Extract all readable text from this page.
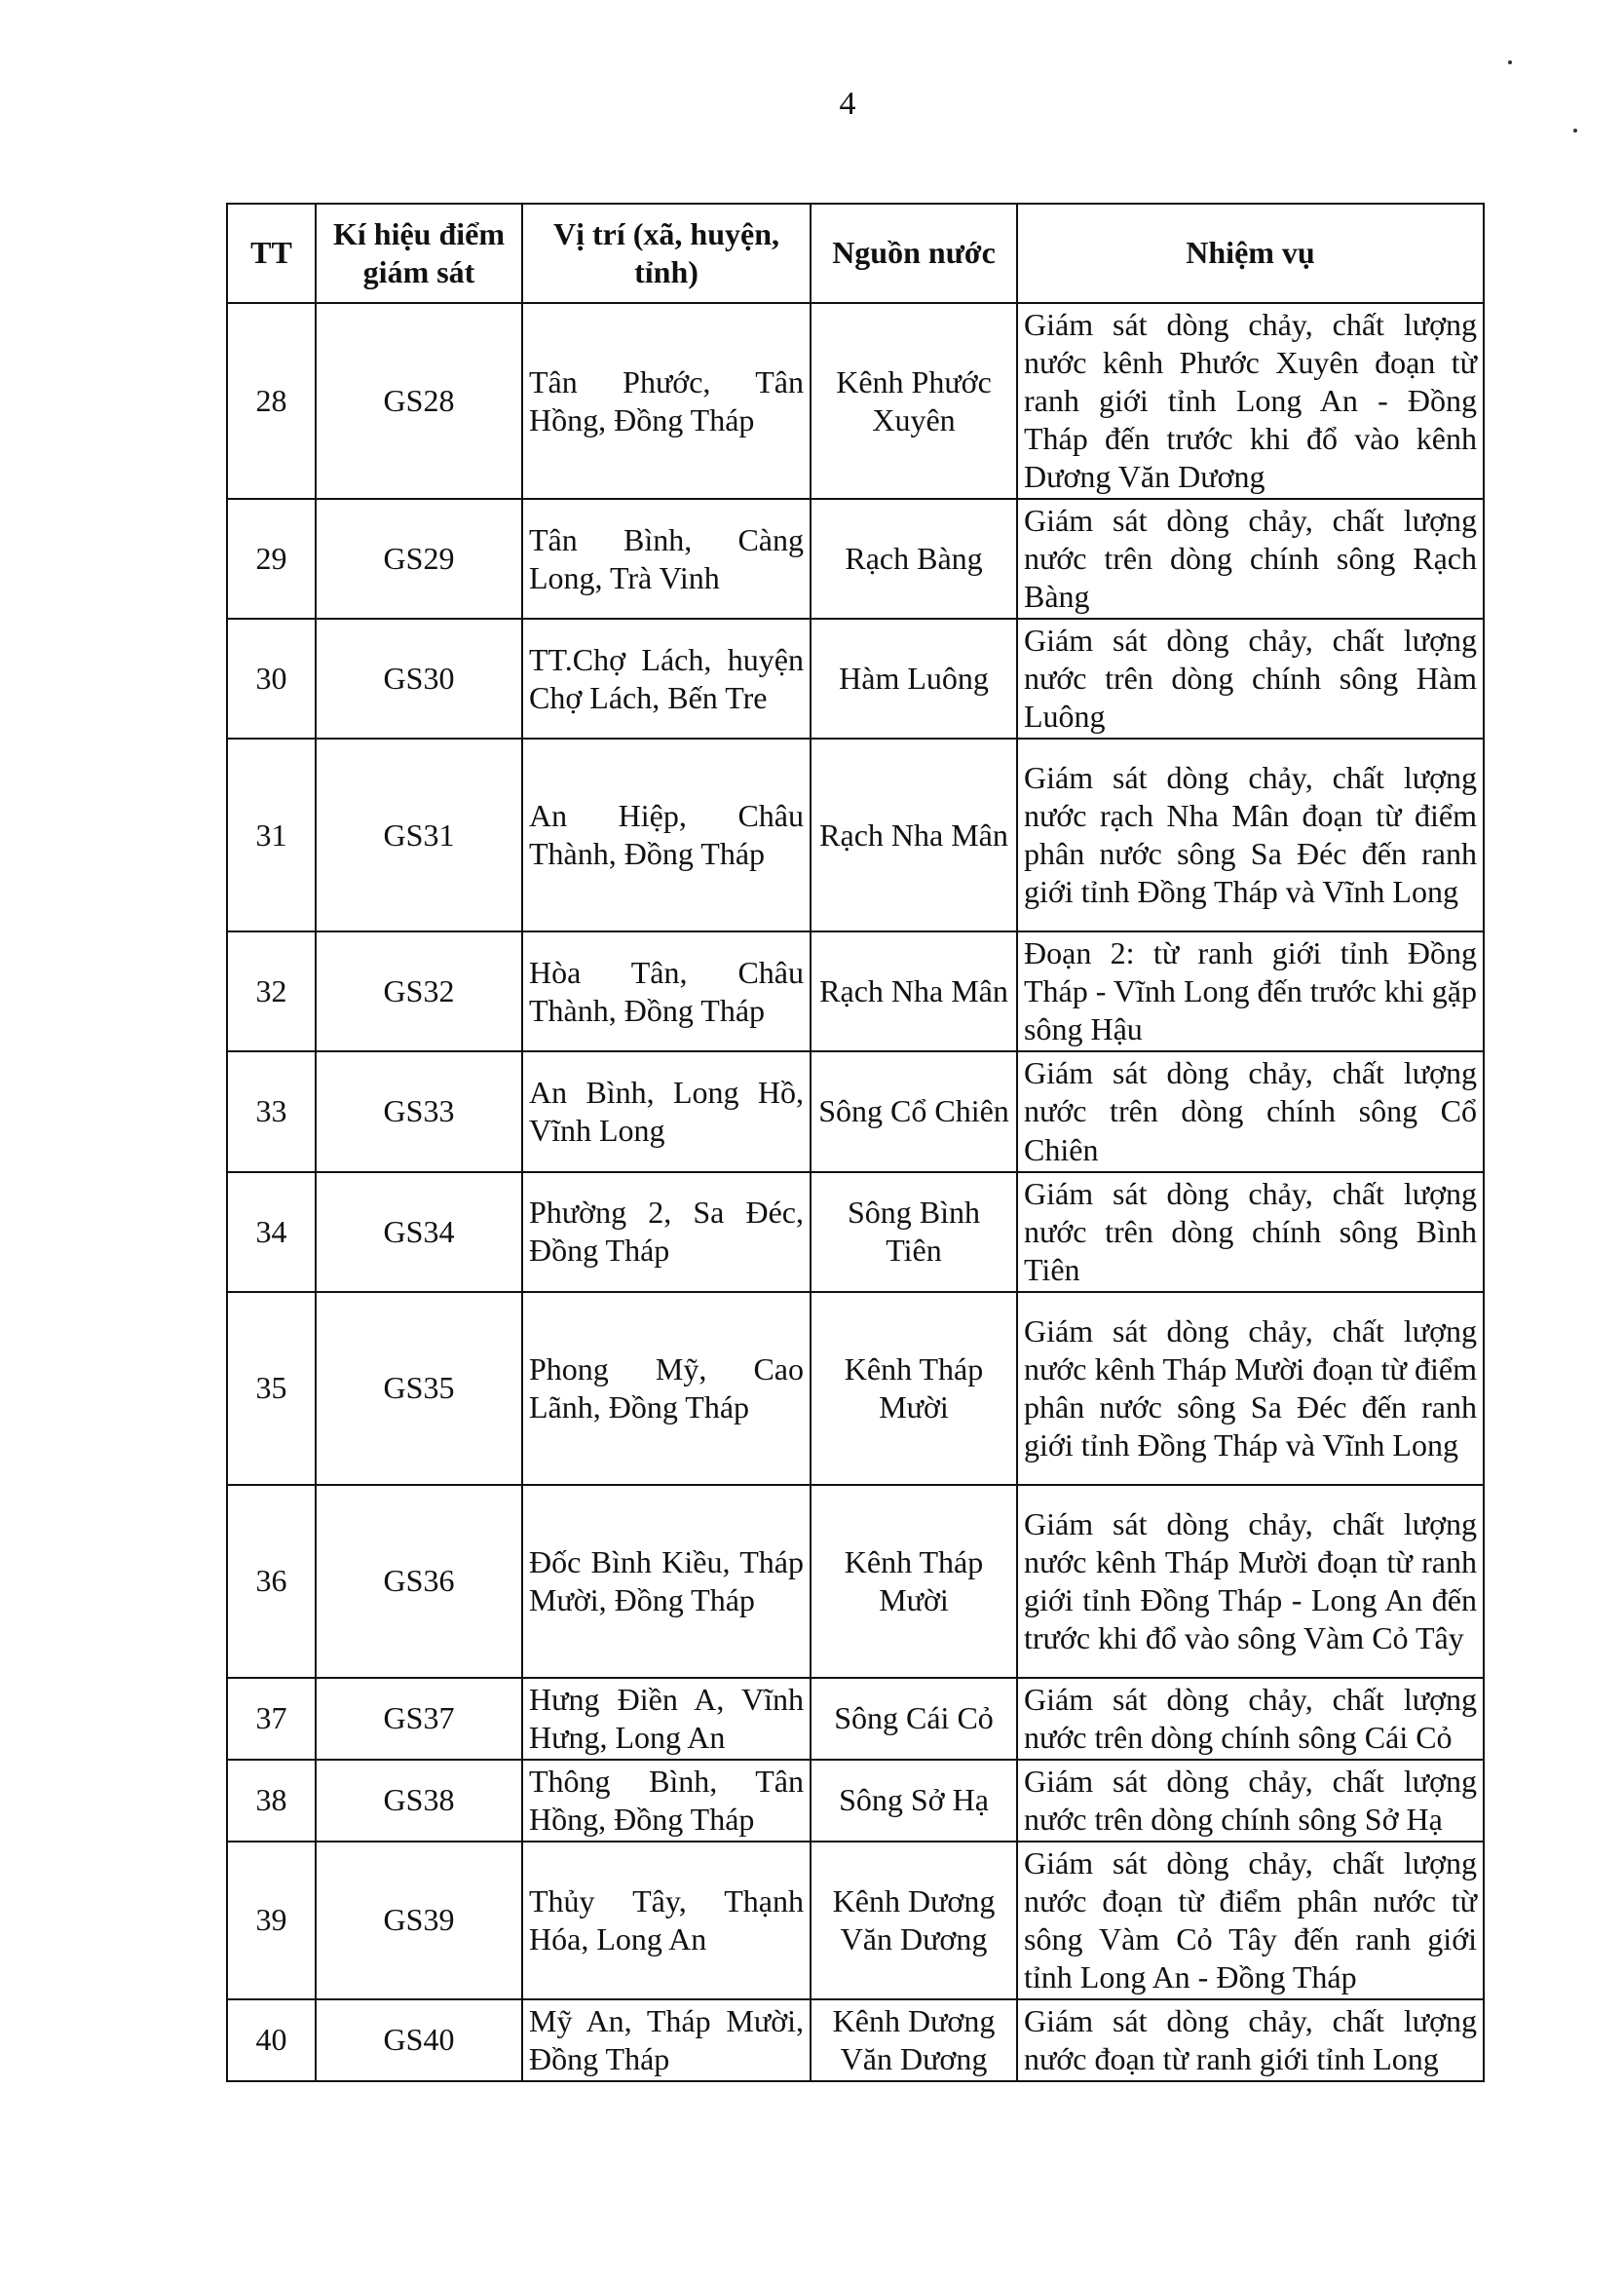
4
TT	Kí hiệu điểm giám sát	Vị trí (xã, huyện, tỉnh)	Nguồn nước	Nhiệm vụ
28	GS28	Tân Phước, Tân Hồng, Đồng Tháp	Kênh Phước Xuyên	Giám sát dòng chảy, chất lượng nước kênh Phước Xuyên đoạn từ ranh giới tỉnh Long An - Đồng Tháp đến trước khi đổ vào kênh Dương Văn Dương
29	GS29	Tân Bình, Càng Long, Trà Vinh	Rạch Bàng	Giám sát dòng chảy, chất lượng nước trên dòng chính sông Rạch Bàng
30	GS30	TT.Chợ Lách, huyện Chợ Lách, Bến Tre	Hàm Luông	Giám sát dòng chảy, chất lượng nước trên dòng chính sông Hàm Luông
31	GS31	An Hiệp, Châu Thành, Đồng Tháp	Rạch Nha Mân	Giám sát dòng chảy, chất lượng nước rạch Nha Mân đoạn từ điểm phân nước sông Sa Đéc đến ranh giới tỉnh Đồng Tháp và Vĩnh Long
32	GS32	Hòa Tân, Châu Thành, Đồng Tháp	Rạch Nha Mân	Đoạn 2: từ ranh giới tỉnh Đồng Tháp - Vĩnh Long đến trước khi gặp sông Hậu
33	GS33	An Bình, Long Hồ, Vĩnh Long	Sông Cổ Chiên	Giám sát dòng chảy, chất lượng nước trên dòng chính sông Cổ Chiên
34	GS34	Phường 2, Sa Đéc, Đồng Tháp	Sông Bình Tiên	Giám sát dòng chảy, chất lượng nước trên dòng chính sông Bình Tiên
35	GS35	Phong Mỹ, Cao Lãnh, Đồng Tháp	Kênh Tháp Mười	Giám sát dòng chảy, chất lượng nước kênh Tháp Mười đoạn từ điểm phân nước sông Sa Đéc đến ranh giới tỉnh Đồng Tháp và Vĩnh Long
36	GS36	Đốc Bình Kiều, Tháp Mười, Đồng Tháp	Kênh Tháp Mười	Giám sát dòng chảy, chất lượng nước kênh Tháp Mười đoạn từ ranh giới tỉnh Đồng Tháp - Long An đến trước khi đổ vào sông Vàm Cỏ Tây
37	GS37	Hưng Điền A, Vĩnh Hưng, Long An	Sông Cái Cỏ	Giám sát dòng chảy, chất lượng nước trên dòng chính sông Cái Cỏ
38	GS38	Thông Bình, Tân Hồng, Đồng Tháp	Sông Sở Hạ	Giám sát dòng chảy, chất lượng nước trên dòng chính sông Sở Hạ
39	GS39	Thủy Tây, Thạnh Hóa, Long An	Kênh Dương Văn Dương	Giám sát dòng chảy, chất lượng nước đoạn từ điểm phân nước từ sông Vàm Cỏ Tây đến ranh giới tỉnh Long An - Đồng Tháp
40	GS40	Mỹ An, Tháp Mười, Đồng Tháp	Kênh Dương Văn Dương	Giám sát dòng chảy, chất lượng nước đoạn từ ranh giới tỉnh Long
